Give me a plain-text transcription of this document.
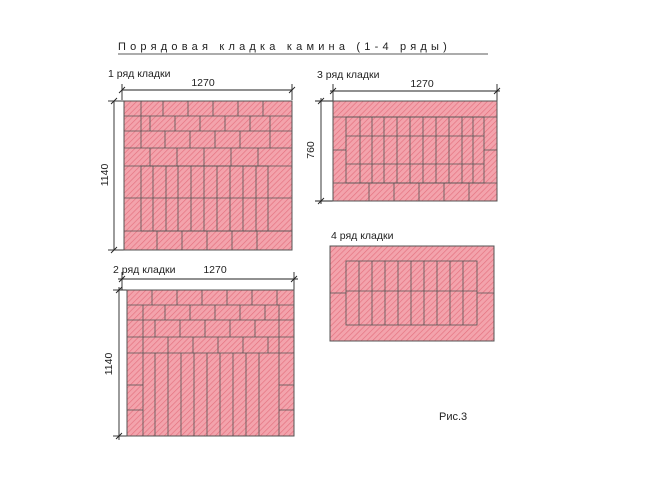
Порядовая кладка камина (1-4 ряды)
1 ряд кладки
1270
1140
2 ряд кладки	1270
1140
3 ряд кладки
1270
760
4 ряд кладки
Рис.3
